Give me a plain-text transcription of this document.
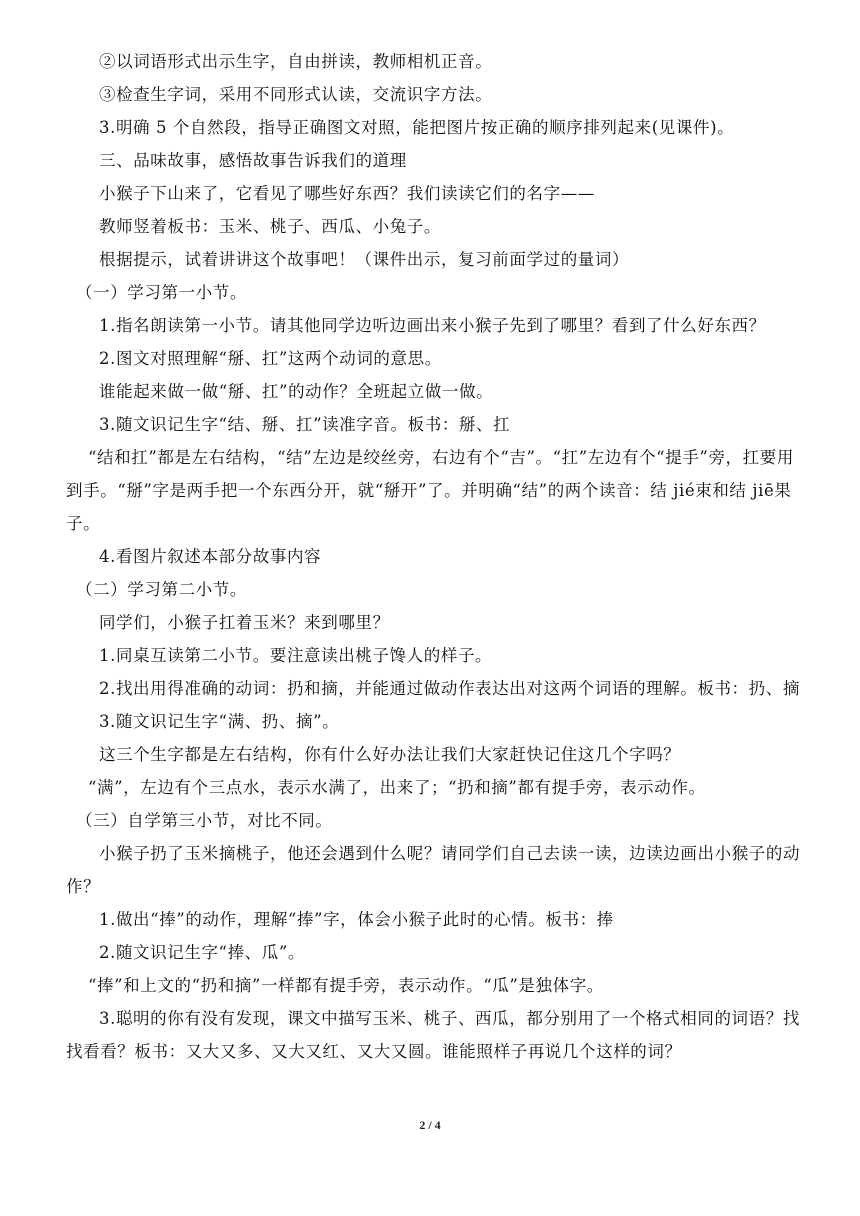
②以词语形式出示生字，自由拼读，教师相机正音。

③检查生字词，采用不同形式认读，交流识字方法。

3.明确 5 个自然段，指导正确图文对照，能把图片按正确的顺序排列起来(见课件)。

三、品味故事，感悟故事告诉我们的道理

小猴子下山来了，它看见了哪些好东西？我们读读它们的名字——

教师竖着板书：玉米、桃子、西瓜、小兔子。

根据提示，试着讲讲这个故事吧！（课件出示，复习前面学过的量词）

（一）学习第一小节。

1.指名朗读第一小节。请其他同学边听边画出来小猴子先到了哪里？看到了什么好东西？

2.图文对照理解“掰、扛”这两个动词的意思。

谁能起来做一做“掰、扛”的动作？全班起立做一做。

3.随文识记生字“结、掰、扛”读准字音。板书：掰、扛

“结和扛”都是左右结构，“结”左边是绞丝旁，右边有个“吉”。“扛”左边有个“提手”旁，扛要用到手。“掰”字是两手把一个东西分开，就“掰开”了。并明确“结”的两个读音：结 jié束和结 jiē果子。

4.看图片叙述本部分故事内容

（二）学习第二小节。

同学们，小猴子扛着玉米？来到哪里？

1.同桌互读第二小节。要注意读出桃子馋人的样子。

2.找出用得准确的动词：扔和摘，并能通过做动作表达出对这两个词语的理解。板书：扔、摘

3.随文识记生字“满、扔、摘”。

这三个生字都是左右结构，你有什么好办法让我们大家赶快记住这几个字吗？

“满”，左边有个三点水，表示水满了，出来了；“扔和摘”都有提手旁，表示动作。

（三）自学第三小节，对比不同。

小猴子扔了玉米摘桃子，他还会遇到什么呢？请同学们自己去读一读，边读边画出小猴子的动作？

1.做出“捧”的动作，理解“捧”字，体会小猴子此时的心情。板书：捧

2.随文识记生字“捧、瓜”。

“捧”和上文的“扔和摘”一样都有提手旁，表示动作。“瓜”是独体字。

3.聪明的你有没有发现，课文中描写玉米、桃子、西瓜，都分别用了一个格式相同的词语？找找看看？板书：又大又多、又大又红、又大又圆。谁能照样子再说几个这样的词？

2 / 4
